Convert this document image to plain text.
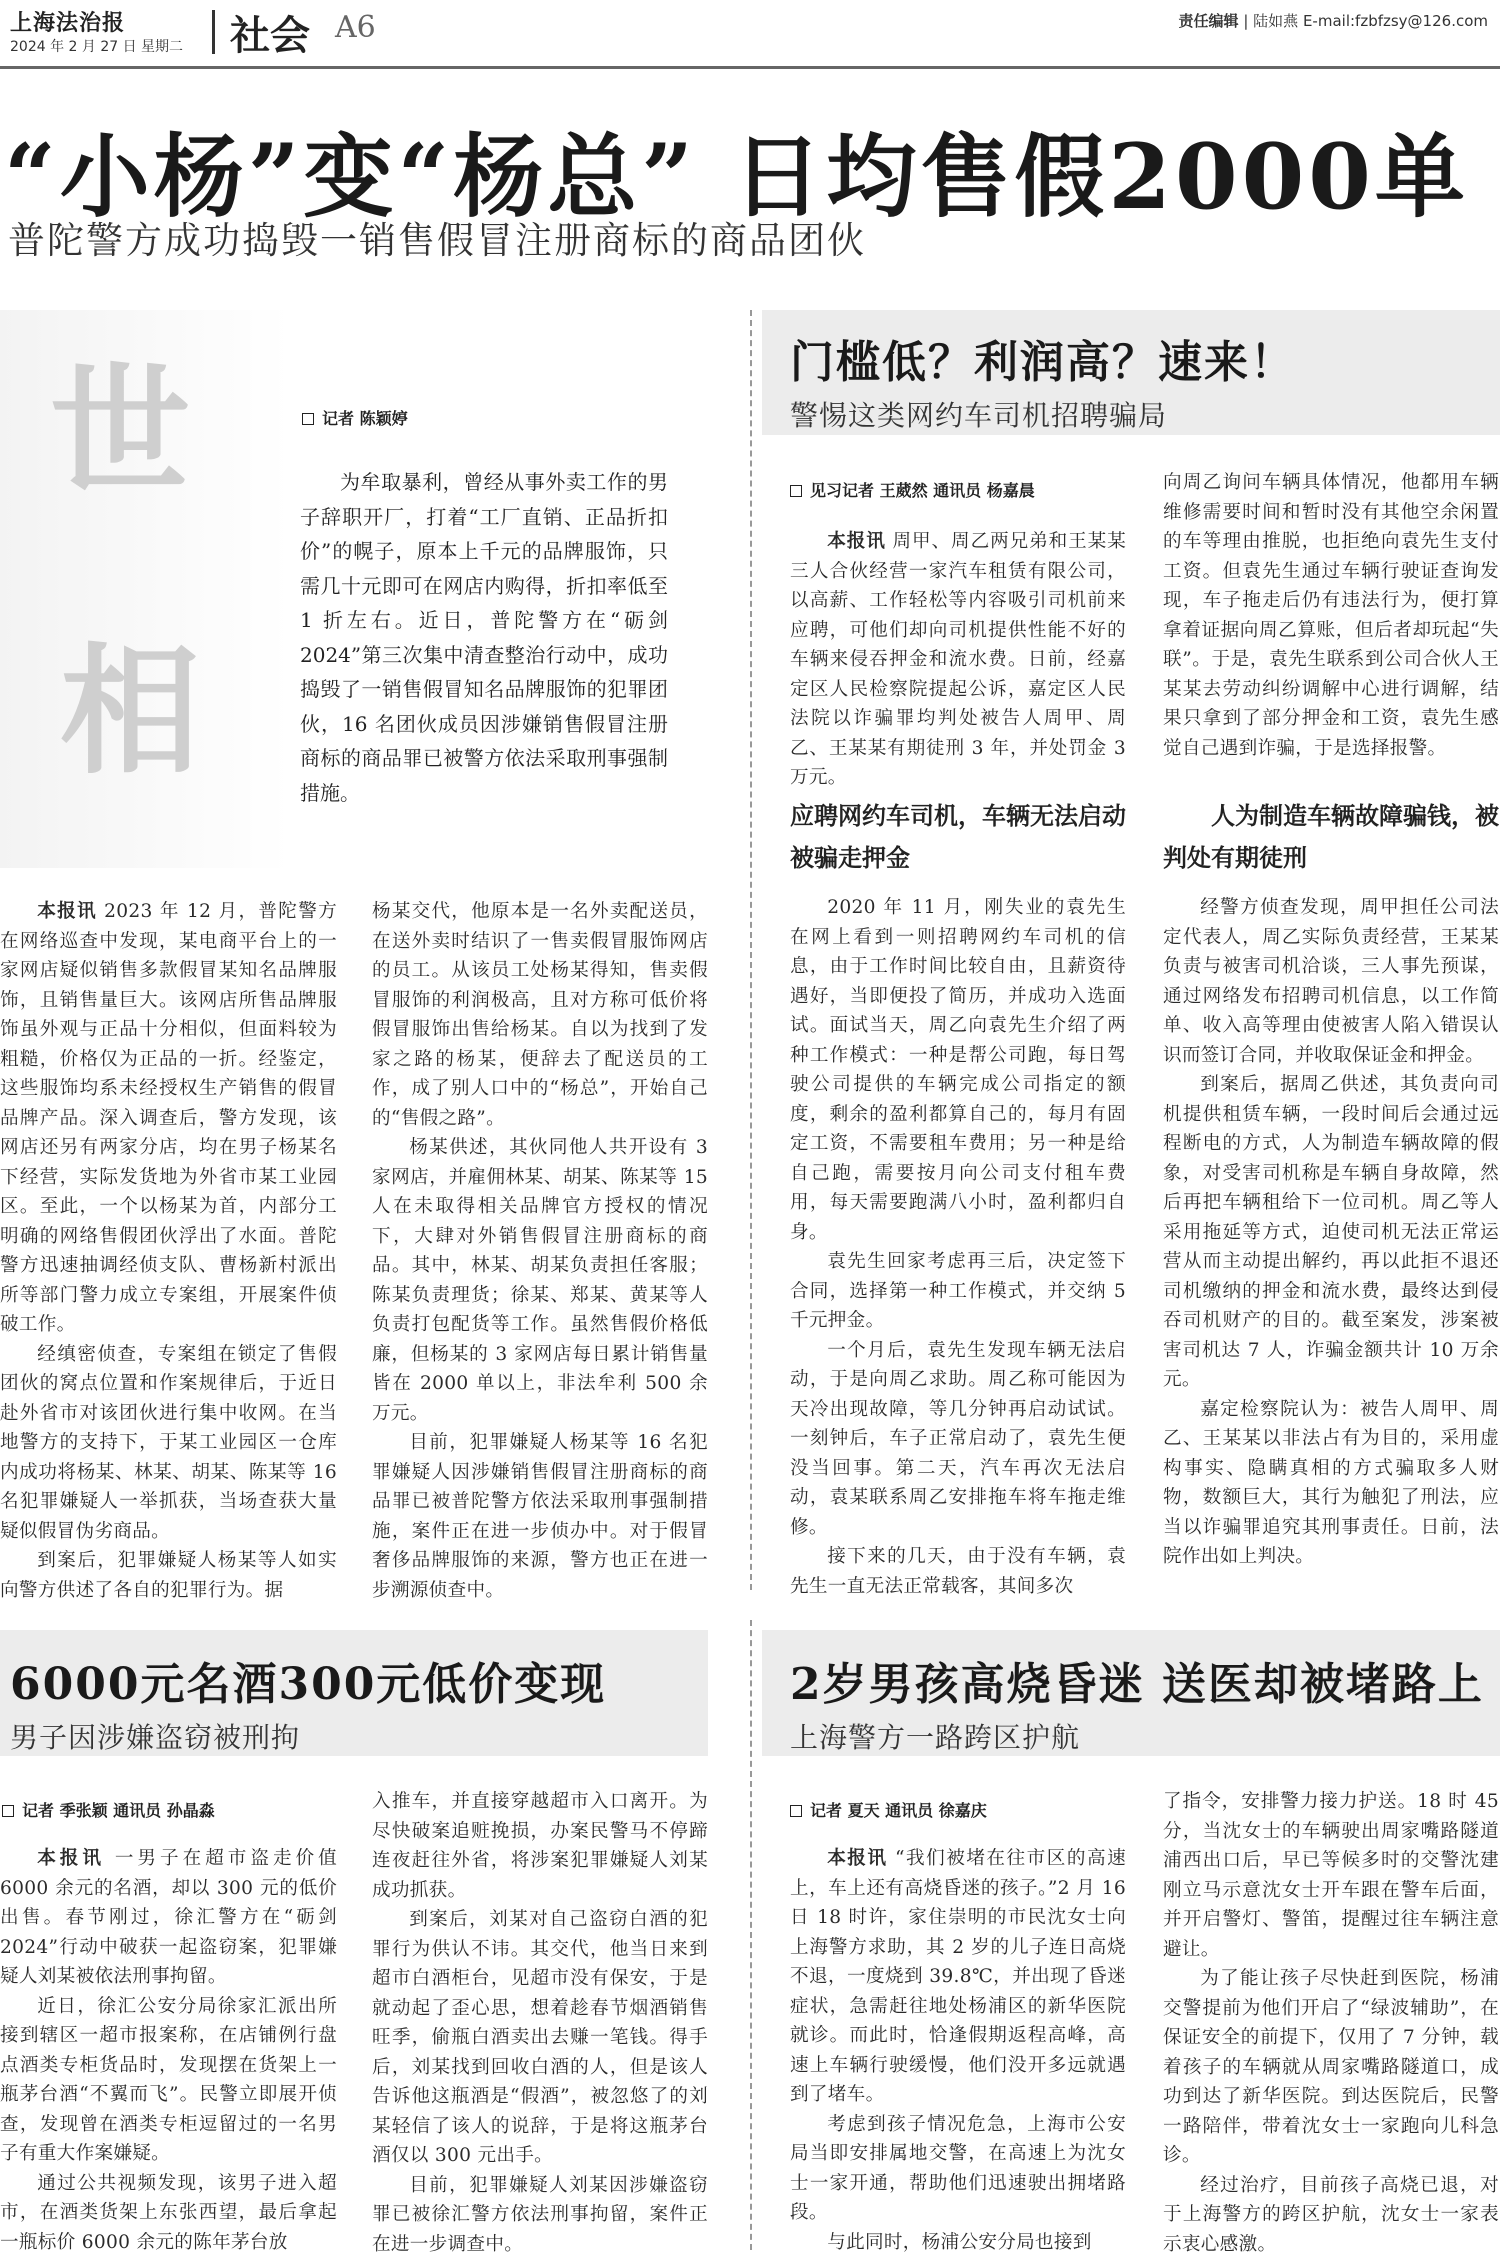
上海法治报
2024 年 2 月 27 日 星期二 社会 A6	责任编辑 | 陆如燕 E-mail:fzbfzsy@126.com
“小杨”变“杨总” 日均售假2000单
普陀警方成功捣毁一销售假冒注册商标的商品团伙
世
相
记者 陈颖婷

为牟取暴利，曾经从事外卖工作的男子辞职开厂，打着“工厂直销、正品折扣价”的幌子，原本上千元的品牌服饰，只需几十元即可在网店内购得，折扣率低至 1 折左右。近日，普陀警方在“砺剑 2024”第三次集中清查整治行动中，成功捣毁了一销售假冒知名品牌服饰的犯罪团伙，16 名团伙成员因涉嫌销售假冒注册商标的商品罪已被警方依法采取刑事强制措施。

本报讯 2023 年 12 月，普陀警方在网络巡查中发现，某电商平台上的一家网店疑似销售多款假冒某知名品牌服饰，且销售量巨大。该网店所售品牌服饰虽外观与正品十分相似，但面料较为粗糙，价格仅为正品的一折。经鉴定，这些服饰均系未经授权生产销售的假冒品牌产品。深入调查后，警方发现，该网店还另有两家分店，均在男子杨某名下经营，实际发货地为外省市某工业园区。至此，一个以杨某为首，内部分工明确的网络售假团伙浮出了水面。普陀警方迅速抽调经侦支队、曹杨新村派出所等部门警力成立专案组，开展案件侦破工作。

经缜密侦查，专案组在锁定了售假团伙的窝点位置和作案规律后，于近日赴外省市对该团伙进行集中收网。在当地警方的支持下，于某工业园区一仓库内成功将杨某、林某、胡某、陈某等 16 名犯罪嫌疑人一举抓获，当场查获大量疑似假冒伪劣商品。

到案后，犯罪嫌疑人杨某等人如实向警方供述了各自的犯罪行为。据

杨某交代，他原本是一名外卖配送员，在送外卖时结识了一售卖假冒服饰网店的员工。从该员工处杨某得知，售卖假冒服饰的利润极高，且对方称可低价将假冒服饰出售给杨某。自以为找到了发家之路的杨某，便辞去了配送员的工作，成了别人口中的“杨总”，开始自己的“售假之路”。

杨某供述，其伙同他人共开设有 3 家网店，并雇佣林某、胡某、陈某等 15 人在未取得相关品牌官方授权的情况下，大肆对外销售假冒注册商标的商品。其中，林某、胡某负责担任客服；陈某负责理货；徐某、郑某、黄某等人负责打包配货等工作。虽然售假价格低廉，但杨某的 3 家网店每日累计销售量皆在 2000 单以上，非法牟利 500 余万元。

目前，犯罪嫌疑人杨某等 16 名犯罪嫌疑人因涉嫌销售假冒注册商标的商品罪已被普陀警方依法采取刑事强制措施，案件正在进一步侦办中。对于假冒奢侈品牌服饰的来源，警方也正在进一步溯源侦查中。

门槛低？利润高？速来！
警惕这类网约车司机招聘骗局
见习记者 王葳然 通讯员 杨嘉晨

本报讯 周甲、周乙两兄弟和王某某三人合伙经营一家汽车租赁有限公司，以高薪、工作轻松等内容吸引司机前来应聘，可他们却向司机提供性能不好的车辆来侵吞押金和流水费。日前，经嘉定区人民检察院提起公诉，嘉定区人民法院以诈骗罪均判处被告人周甲、周乙、王某某有期徒刑 3 年，并处罚金 3 万元。

应聘网约车司机，车辆无法启动被骗走押金

2020 年 11 月，刚失业的袁先生在网上看到一则招聘网约车司机的信息，由于工作时间比较自由，且薪资待遇好，当即便投了简历，并成功入选面试。面试当天，周乙向袁先生介绍了两种工作模式：一种是帮公司跑，每日驾驶公司提供的车辆完成公司指定的额度，剩余的盈利都算自己的，每月有固定工资，不需要租车费用；另一种是给自己跑，需要按月向公司支付租车费用，每天需要跑满八小时，盈利都归自身。

袁先生回家考虑再三后，决定签下合同，选择第一种工作模式，并交纳 5 千元押金。

一个月后，袁先生发现车辆无法启动，于是向周乙求助。周乙称可能因为天冷出现故障，等几分钟再启动试试。一刻钟后，车子正常启动了，袁先生便没当回事。第二天，汽车再次无法启动，袁某联系周乙安排拖车将车拖走维修。

接下来的几天，由于没有车辆，袁先生一直无法正常载客，其间多次

向周乙询问车辆具体情况，他都用车辆维修需要时间和暂时没有其他空余闲置的车等理由推脱，也拒绝向袁先生支付工资。但袁先生通过车辆行驶证查询发现，车子拖走后仍有违法行为，便打算拿着证据向周乙算账，但后者却玩起“失联”。于是，袁先生联系到公司合伙人王某某去劳动纠纷调解中心进行调解，结果只拿到了部分押金和工资，袁先生感觉自己遇到诈骗，于是选择报警。

人为制造车辆故障骗钱，被判处有期徒刑

经警方侦查发现，周甲担任公司法定代表人，周乙实际负责经营，王某某负责与被害司机洽谈，三人事先预谋，通过网络发布招聘司机信息，以工作简单、收入高等理由使被害人陷入错误认识而签订合同，并收取保证金和押金。

到案后，据周乙供述，其负责向司机提供租赁车辆，一段时间后会通过远程断电的方式，人为制造车辆故障的假象，对受害司机称是车辆自身故障，然后再把车辆租给下一位司机。周乙等人采用拖延等方式，迫使司机无法正常运营从而主动提出解约，再以此拒不退还司机缴纳的押金和流水费，最终达到侵吞司机财产的目的。截至案发，涉案被害司机达 7 人，诈骗金额共计 10 万余元。

嘉定检察院认为：被告人周甲、周乙、王某某以非法占有为目的，采用虚构事实、隐瞒真相的方式骗取多人财物，数额巨大，其行为触犯了刑法，应当以诈骗罪追究其刑事责任。日前，法院作出如上判决。

6000元名酒300元低价变现
男子因涉嫌盗窃被刑拘
记者 季张颖 通讯员 孙晶淼

本报讯 一男子在超市盗走价值 6000 余元的名酒，却以 300 元的低价出售。春节刚过，徐汇警方在“砺剑 2024”行动中破获一起盗窃案，犯罪嫌疑人刘某被依法刑事拘留。

近日，徐汇公安分局徐家汇派出所接到辖区一超市报案称，在店铺例行盘点酒类专柜货品时，发现摆在货架上一瓶茅台酒“不翼而飞”。民警立即展开侦查，发现曾在酒类专柜逗留过的一名男子有重大作案嫌疑。

通过公共视频发现，该男子进入超市，在酒类货架上东张西望，最后拿起一瓶标价 6000 余元的陈年茅台放

入推车，并直接穿越超市入口离开。为尽快破案追赃挽损，办案民警马不停蹄连夜赶往外省，将涉案犯罪嫌疑人刘某成功抓获。

到案后，刘某对自己盗窃白酒的犯罪行为供认不讳。其交代，他当日来到超市白酒柜台，见超市没有保安，于是就动起了歪心思，想着趁春节烟酒销售旺季，偷瓶白酒卖出去赚一笔钱。得手后，刘某找到回收白酒的人，但是该人告诉他这瓶酒是“假酒”，被忽悠了的刘某轻信了该人的说辞，于是将这瓶茅台酒仅以 300 元出手。

目前，犯罪嫌疑人刘某因涉嫌盗窃罪已被徐汇警方依法刑事拘留，案件正在进一步调查中。

2岁男孩高烧昏迷 送医却被堵路上
上海警方一路跨区护航
记者 夏天 通讯员 徐嘉庆

本报讯 “我们被堵在往市区的高速上，车上还有高烧昏迷的孩子。”2 月 16 日 18 时许，家住崇明的市民沈女士向上海警方求助，其 2 岁的儿子连日高烧不退，一度烧到 39.8℃，并出现了昏迷症状，急需赶往地处杨浦区的新华医院就诊。而此时，恰逢假期返程高峰，高速上车辆行驶缓慢，他们没开多远就遇到了堵车。

考虑到孩子情况危急，上海市公安局当即安排属地交警，在高速上为沈女士一家开通，帮助他们迅速驶出拥堵路段。

与此同时，杨浦公安分局也接到

了指令，安排警力接力护送。18 时 45 分，当沈女士的车辆驶出周家嘴路隧道浦西出口后，早已等候多时的交警沈建刚立马示意沈女士开车跟在警车后面，并开启警灯、警笛，提醒过往车辆注意避让。

为了能让孩子尽快赶到医院，杨浦交警提前为他们开启了“绿波辅助”，在保证安全的前提下，仅用了 7 分钟，载着孩子的车辆就从周家嘴路隧道口，成功到达了新华医院。到达医院后，民警一路陪伴，带着沈女士一家跑向儿科急诊。

经过治疗，目前孩子高烧已退，对于上海警方的跨区护航，沈女士一家表示衷心感激。
